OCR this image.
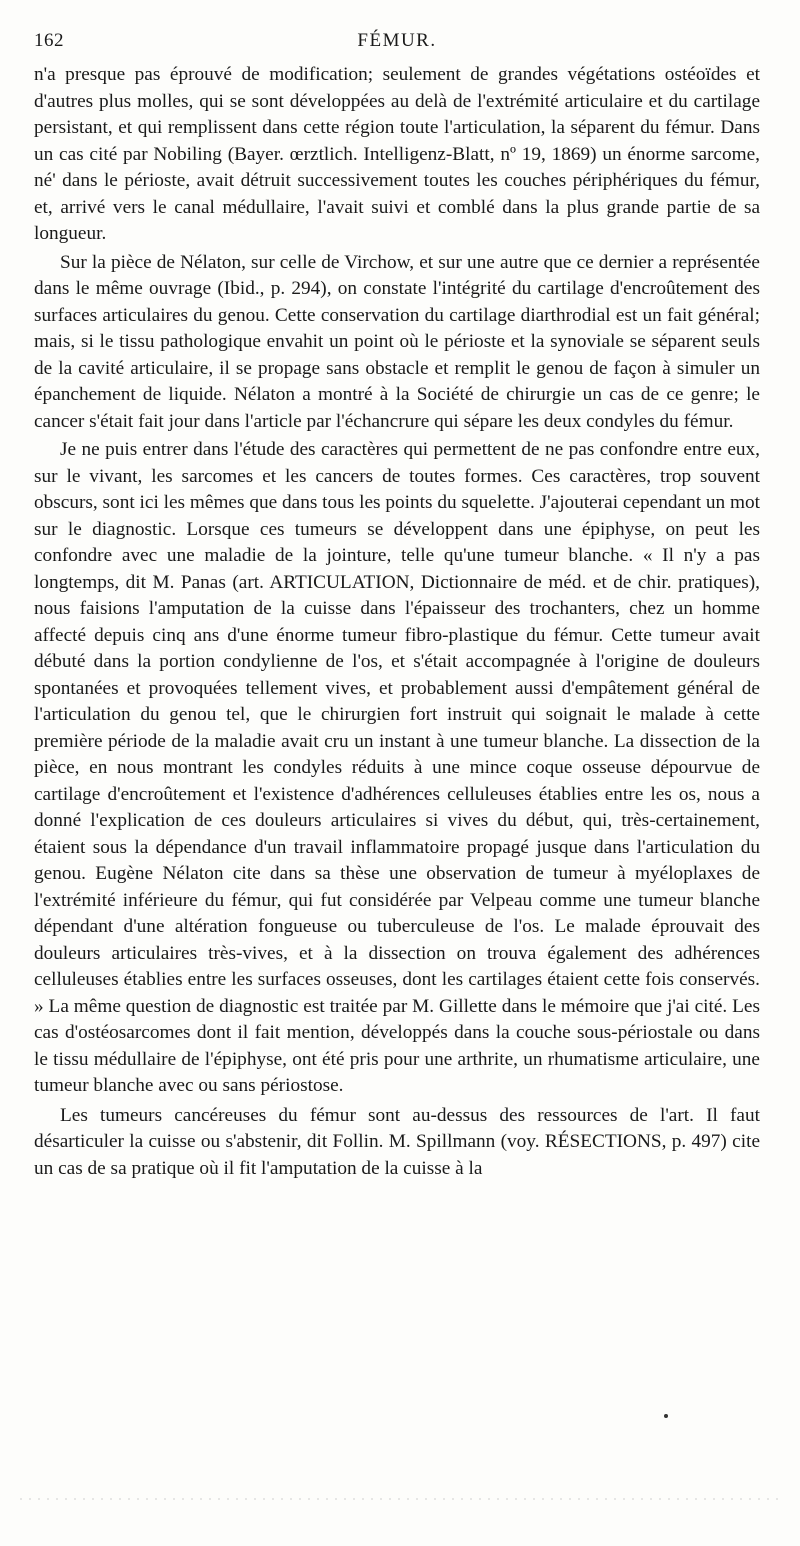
162	FÉMUR.

n'a presque pas éprouvé de modification; seulement de grandes végétations ostéoïdes et d'autres plus molles, qui se sont développées au delà de l'extrémité articulaire et du cartilage persistant, et qui remplissent dans cette région toute l'articulation, la séparent du fémur. Dans un cas cité par Nobiling (Bayer. œrztlich. Intelligenz-Blatt, nº 19, 1869) un énorme sarcome, né' dans le périoste, avait détruit successivement toutes les couches périphériques du fémur, et, arrivé vers le canal médullaire, l'avait suivi et comblé dans la plus grande partie de sa longueur.

Sur la pièce de Nélaton, sur celle de Virchow, et sur une autre que ce dernier a représentée dans le même ouvrage (Ibid., p. 294), on constate l'intégrité du cartilage d'encroûtement des surfaces articulaires du genou. Cette conservation du cartilage diarthrodial est un fait général; mais, si le tissu pathologique envahit un point où le périoste et la synoviale se séparent seuls de la cavité articulaire, il se propage sans obstacle et remplit le genou de façon à simuler un épanchement de liquide. Nélaton a montré à la Société de chirurgie un cas de ce genre; le cancer s'était fait jour dans l'article par l'échancrure qui sépare les deux condyles du fémur.

Je ne puis entrer dans l'étude des caractères qui permettent de ne pas confondre entre eux, sur le vivant, les sarcomes et les cancers de toutes formes. Ces caractères, trop souvent obscurs, sont ici les mêmes que dans tous les points du squelette. J'ajouterai cependant un mot sur le diagnostic. Lorsque ces tumeurs se développent dans une épiphyse, on peut les confondre avec une maladie de la jointure, telle qu'une tumeur blanche. « Il n'y a pas longtemps, dit M. Panas (art. ARTICULATION, Dictionnaire de méd. et de chir. pratiques), nous faisions l'amputation de la cuisse dans l'épaisseur des trochanters, chez un homme affecté depuis cinq ans d'une énorme tumeur fibro-plastique du fémur. Cette tumeur avait débuté dans la portion condylienne de l'os, et s'était accompagnée à l'origine de douleurs spontanées et provoquées tellement vives, et probablement aussi d'empâtement général de l'articulation du genou tel, que le chirurgien fort instruit qui soignait le malade à cette première période de la maladie avait cru un instant à une tumeur blanche. La dissection de la pièce, en nous montrant les condyles réduits à une mince coque osseuse dépourvue de cartilage d'encroûtement et l'existence d'adhérences celluleuses établies entre les os, nous a donné l'explication de ces douleurs articulaires si vives du début, qui, très-certainement, étaient sous la dépendance d'un travail inflammatoire propagé jusque dans l'articulation du genou. Eugène Nélaton cite dans sa thèse une observation de tumeur à myéloplaxes de l'extrémité inférieure du fémur, qui fut considérée par Velpeau comme une tumeur blanche dépendant d'une altération fongueuse ou tuberculeuse de l'os. Le malade éprouvait des douleurs articulaires très-vives, et à la dissection on trouva également des adhérences celluleuses établies entre les surfaces osseuses, dont les cartilages étaient cette fois conservés. » La même question de diagnostic est traitée par M. Gillette dans le mémoire que j'ai cité. Les cas d'ostéosarcomes dont il fait mention, développés dans la couche sous-périostale ou dans le tissu médullaire de l'épiphyse, ont été pris pour une arthrite, un rhumatisme articulaire, une tumeur blanche avec ou sans périostose.

Les tumeurs cancéreuses du fémur sont au-dessus des ressources de l'art. Il faut désarticuler la cuisse ou s'abstenir, dit Follin. M. Spillmann (voy. RÉSECTIONS, p. 497) cite un cas de sa pratique où il fit l'amputation de la cuisse à la
